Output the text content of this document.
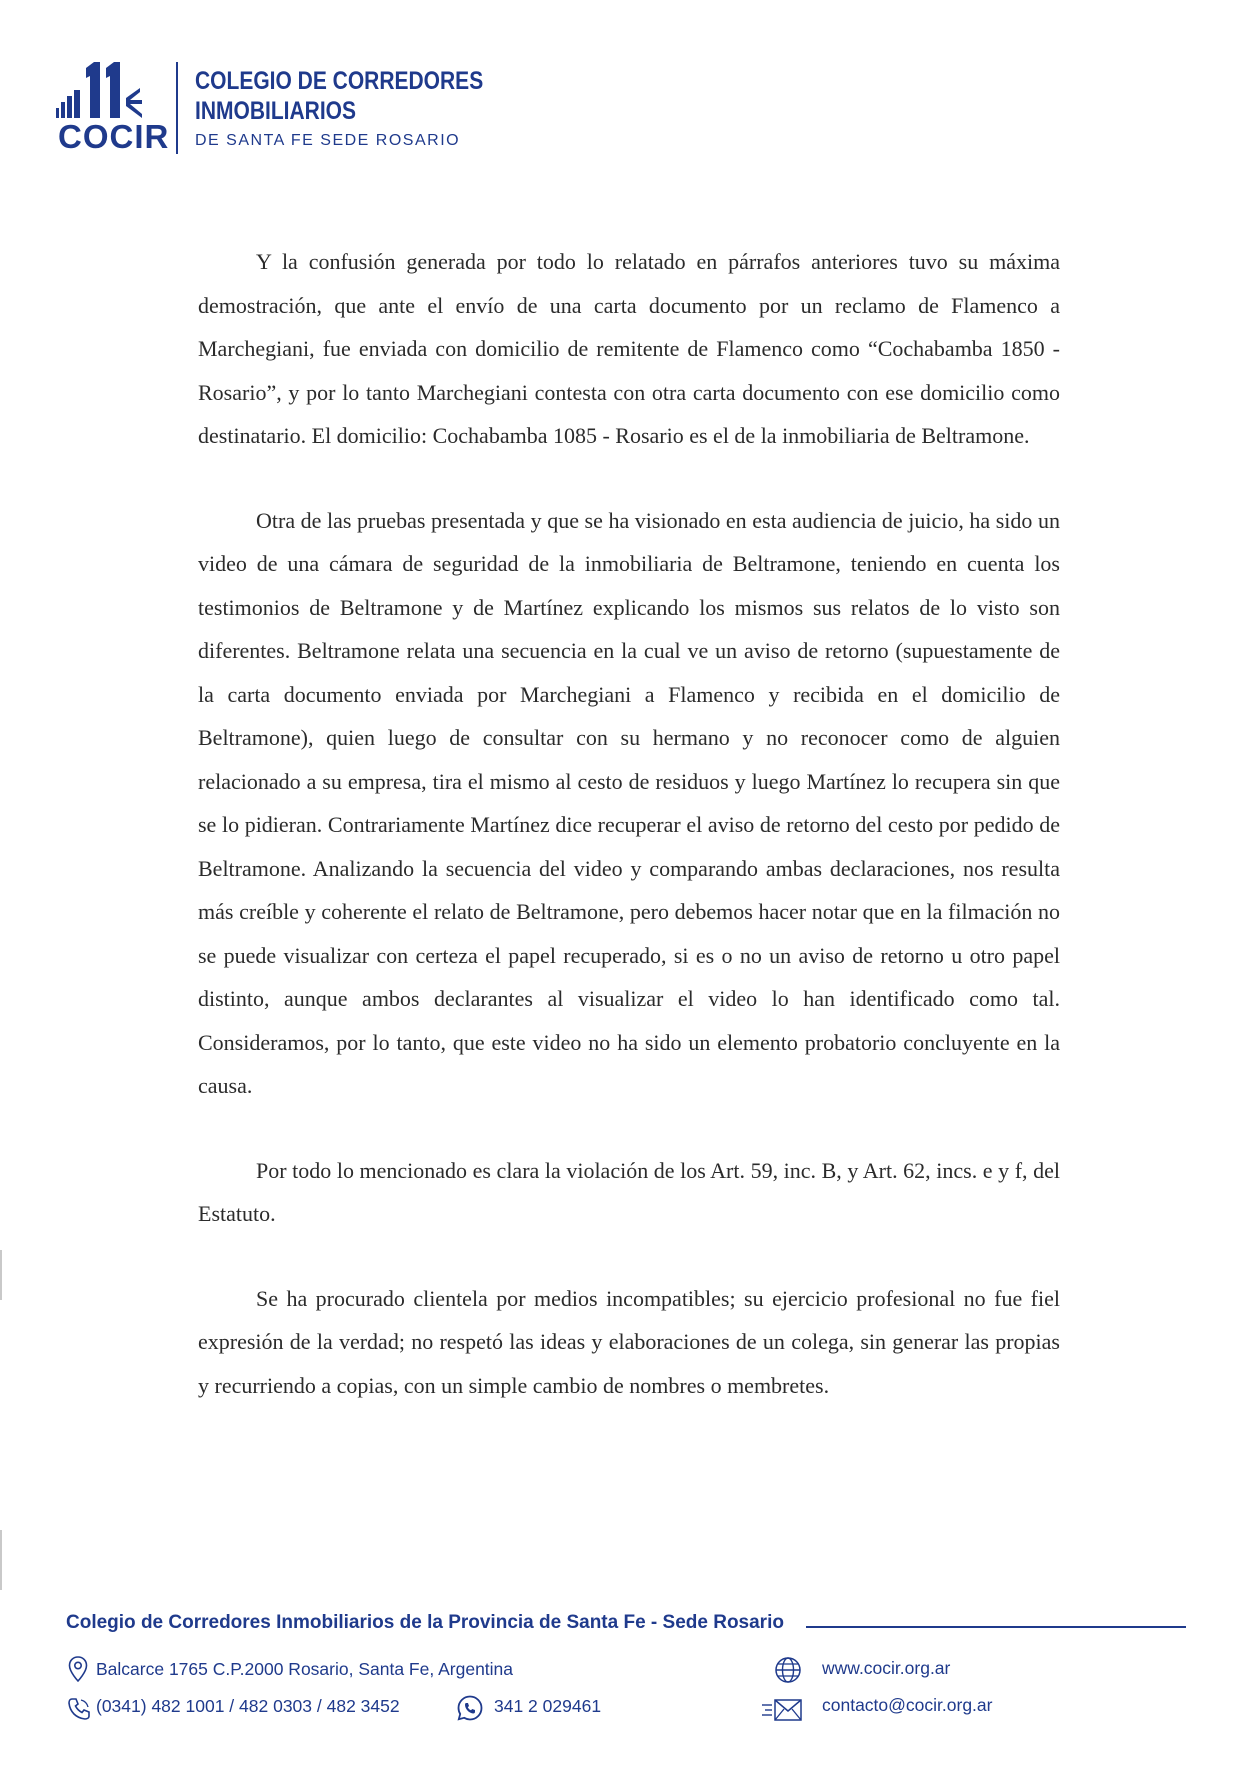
COCIR
COLEGIO DE CORREDORES
INMOBILIARIOS
DE SANTA FE SEDE ROSARIO

Y la confusión generada por todo lo relatado en párrafos anteriores tuvo su máxima demostración, que ante el envío de una carta documento por un reclamo de Flamenco a Marchegiani, fue enviada con domicilio de remitente de Flamenco como “Cochabamba 1850 - Rosario”, y por lo tanto Marchegiani contesta con otra carta documento con ese domicilio como destinatario. El domicilio: Cochabamba 1085 - Rosario es el de la inmobiliaria de Beltramone.

Otra de las pruebas presentada y que se ha visionado en esta audiencia de juicio, ha sido un video de una cámara de seguridad de la inmobiliaria de Beltramone, teniendo en cuenta los testimonios de Beltramone y de Martínez explicando los mismos sus relatos de lo visto son diferentes. Beltramone relata una secuencia en la cual ve un aviso de retorno (supuestamente de la carta documento enviada por Marchegiani a Flamenco y recibida en el domicilio de Beltramone), quien luego de consultar con su hermano y no reconocer como de alguien relacionado a su empresa, tira el mismo al cesto de residuos y luego Martínez lo recupera sin que se lo pidieran. Contrariamente Martínez dice recuperar el aviso de retorno del cesto por pedido de Beltramone. Analizando la secuencia del video y comparando ambas declaraciones, nos resulta más creíble y coherente el relato de Beltramone, pero debemos hacer notar que en la filmación no se puede visualizar con certeza el papel recuperado, si es o no un aviso de retorno u otro papel distinto, aunque ambos declarantes al visualizar el video lo han identificado como tal. Consideramos, por lo tanto, que este video no ha sido un elemento probatorio concluyente en la causa.

Por todo lo mencionado es clara la violación de los Art. 59, inc. B, y Art. 62, incs. e y f, del Estatuto.

Se ha procurado clientela por medios incompatibles; su ejercicio profesional no fue fiel expresión de la verdad; no respetó las ideas y elaboraciones de un colega, sin generar las propias y recurriendo a copias, con un simple cambio de nombres o membretes.

Colegio de Corredores Inmobiliarios de la Provincia de Santa Fe - Sede Rosario
Balcarce 1765 C.P.2000 Rosario, Santa Fe, Argentina
(0341) 482 1001 / 482 0303 / 482 3452	341 2 029461
www.cocir.org.ar
contacto@cocir.org.ar
